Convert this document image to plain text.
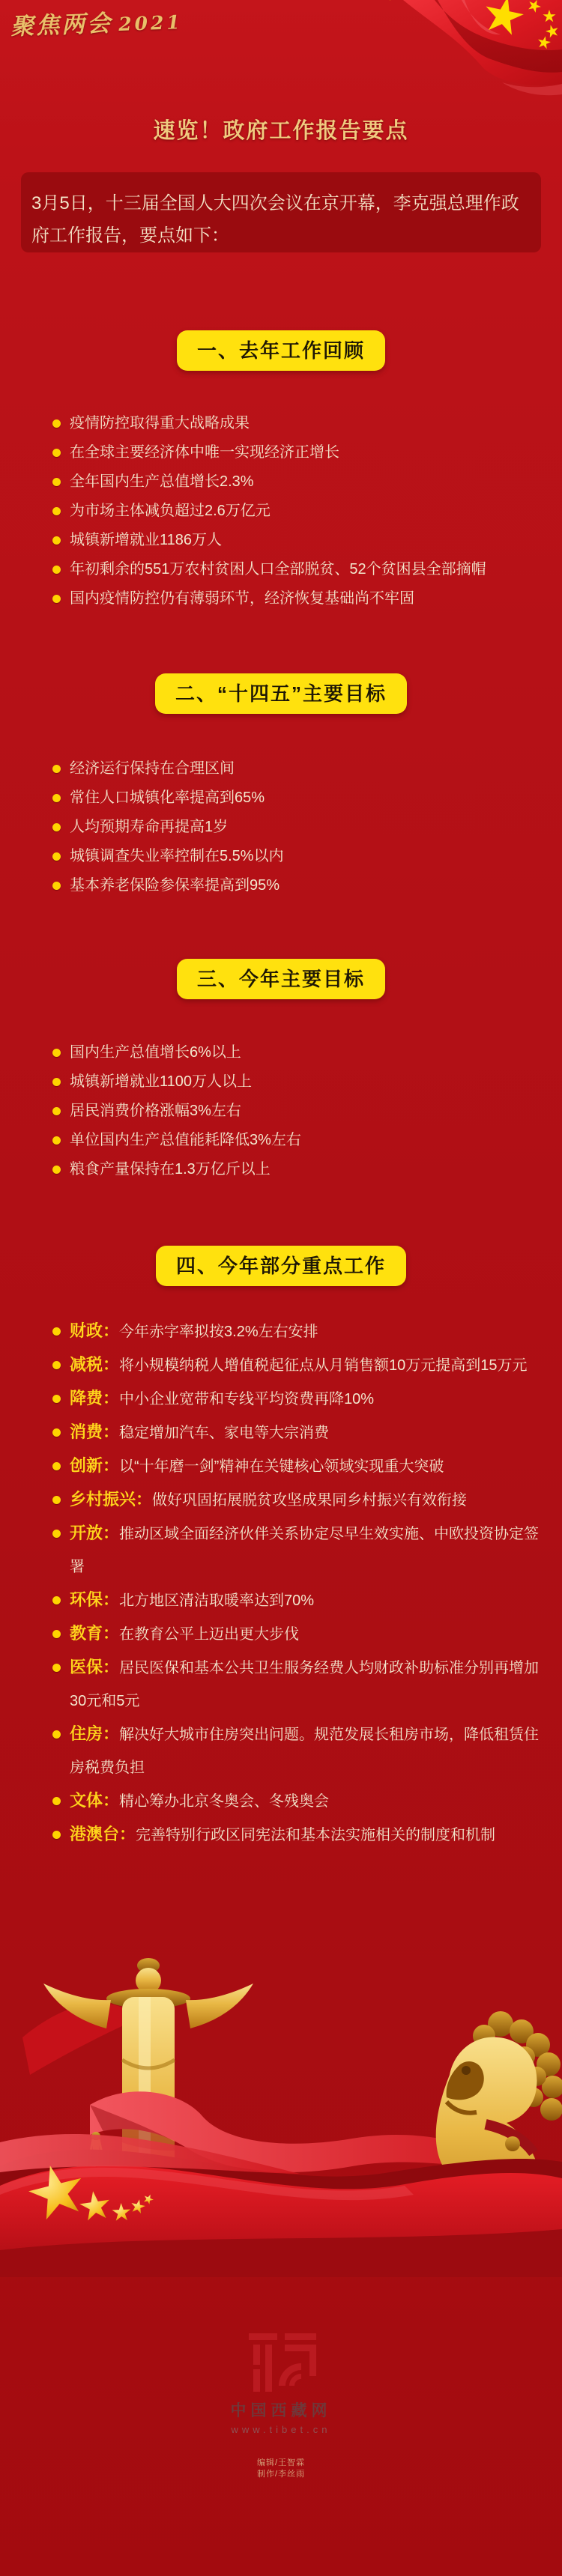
聚焦两会 2021
速览！政府工作报告要点

3月5日，十三届全国人大四次会议在京开幕，李克强总理作政府工作报告，要点如下：

一、去年工作回顾
疫情防控取得重大战略成果
在全球主要经济体中唯一实现经济正增长
全年国内生产总值增长2.3%
为市场主体减负超过2.6万亿元
城镇新增就业1186万人
年初剩余的551万农村贫困人口全部脱贫、52个贫困县全部摘帽
国内疫情防控仍有薄弱环节，经济恢复基础尚不牢固
二、“十四五”主要目标
经济运行保持在合理区间
常住人口城镇化率提高到65%
人均预期寿命再提高1岁
城镇调查失业率控制在5.5%以内
基本养老保险参保率提高到95%
三、今年主要目标
国内生产总值增长6%以上
城镇新增就业1100万人以上
居民消费价格涨幅3%左右
单位国内生产总值能耗降低3%左右
粮食产量保持在1.3万亿斤以上
四、今年部分重点工作
财政：今年赤字率拟按3.2%左右安排
减税：将小规模纳税人增值税起征点从月销售额10万元提高到15万元
降费：中小企业宽带和专线平均资费再降10%
消费：稳定增加汽车、家电等大宗消费
创新：以“十年磨一剑”精神在关键核心领域实现重大突破
乡村振兴：做好巩固拓展脱贫攻坚成果同乡村振兴有效衔接
开放：推动区域全面经济伙伴关系协定尽早生效实施、中欧投资协定签署
环保：北方地区清洁取暖率达到70%
教育：在教育公平上迈出更大步伐
医保：居民医保和基本公共卫生服务经费人均财政补助标准分别再增加30元和5元
住房：解决好大城市住房突出问题。规范发展长租房市场，降低租赁住房税费负担
文体：精心筹办北京冬奥会、冬残奥会
港澳台：完善特别行政区同宪法和基本法实施相关的制度和机制
中国西藏网
www.tibet.cn
编辑/王智霖
制作/李丝雨
